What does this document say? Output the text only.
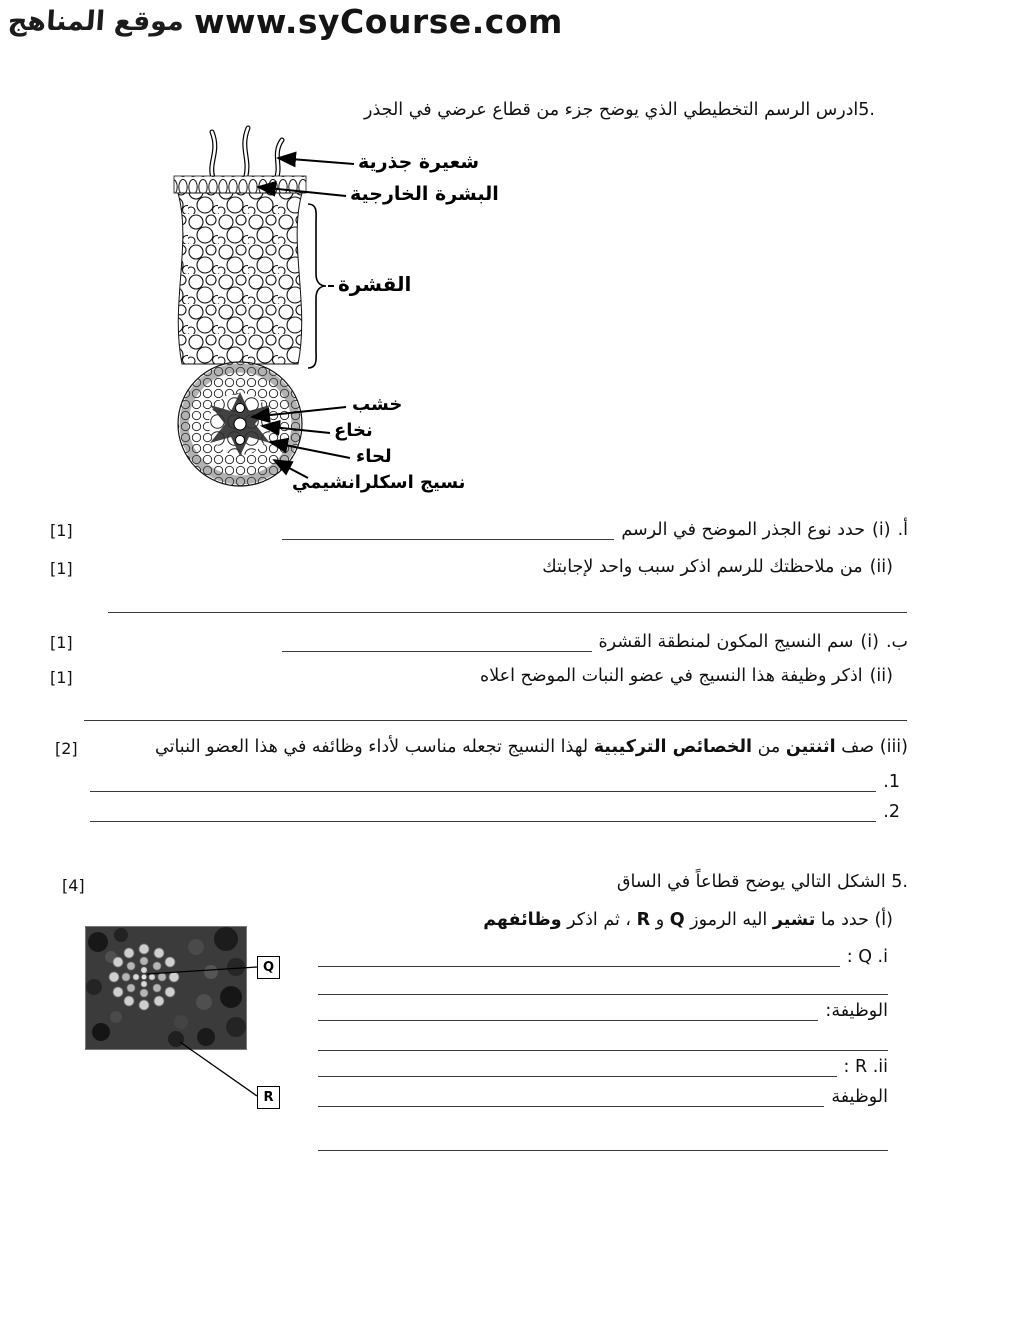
موقع المناهج www.syCourse.com
5.ادرس الرسم التخطيطي الذي يوضح جزء من قطاع عرضي في الجذر
شعيرة جذرية
البشرة الخارجية
القشرة
خشب
نخاع
لحاء
نسيج اسكلرانشيمي
أ.
(i)
حدد نوع الجذر الموضح في الرسم
[1]
(ii)
من ملاحظتك للرسم اذكر سبب واحد لإجابتك
[1]
ب.
(i)
سم النسيج المكون لمنطقة القشرة
[1]
(ii)
اذكر وظيفة هذا النسيج في عضو النبات الموضح اعلاه
[1]
(iii) صف اثنتين من الخصائص التركيبية لهذا النسيج تجعله مناسب لأداء وظائفه في هذا العضو النباتي
[2]
.1
.2
5. الشكل التالي يوضح قطاعاً في الساق
[4]
(أ) حدد ما تشير اليه الرموز Q و R ، ثم اذكر وظائفهم
Q
R
: Q .i
الوظيفة:
: R .ii
الوظيفة
